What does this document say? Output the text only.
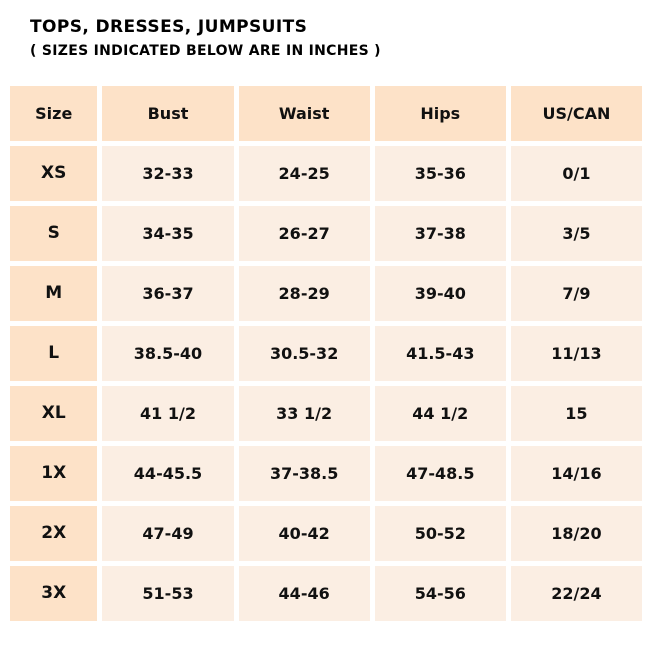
TOPS, DRESSES, JUMPSUITS
( SIZES INDICATED BELOW ARE IN INCHES )
Size	Bust	Waist	Hips	US/CAN
XS	32-33	24-25	35-36	0/1
S	34-35	26-27	37-38	3/5
M	36-37	28-29	39-40	7/9
L	38.5-40	30.5-32	41.5-43	11/13
XL	41 1/2	33 1/2	44 1/2	15
1X	44-45.5	37-38.5	47-48.5	14/16
2X	47-49	40-42	50-52	18/20
3X	51-53	44-46	54-56	22/24
